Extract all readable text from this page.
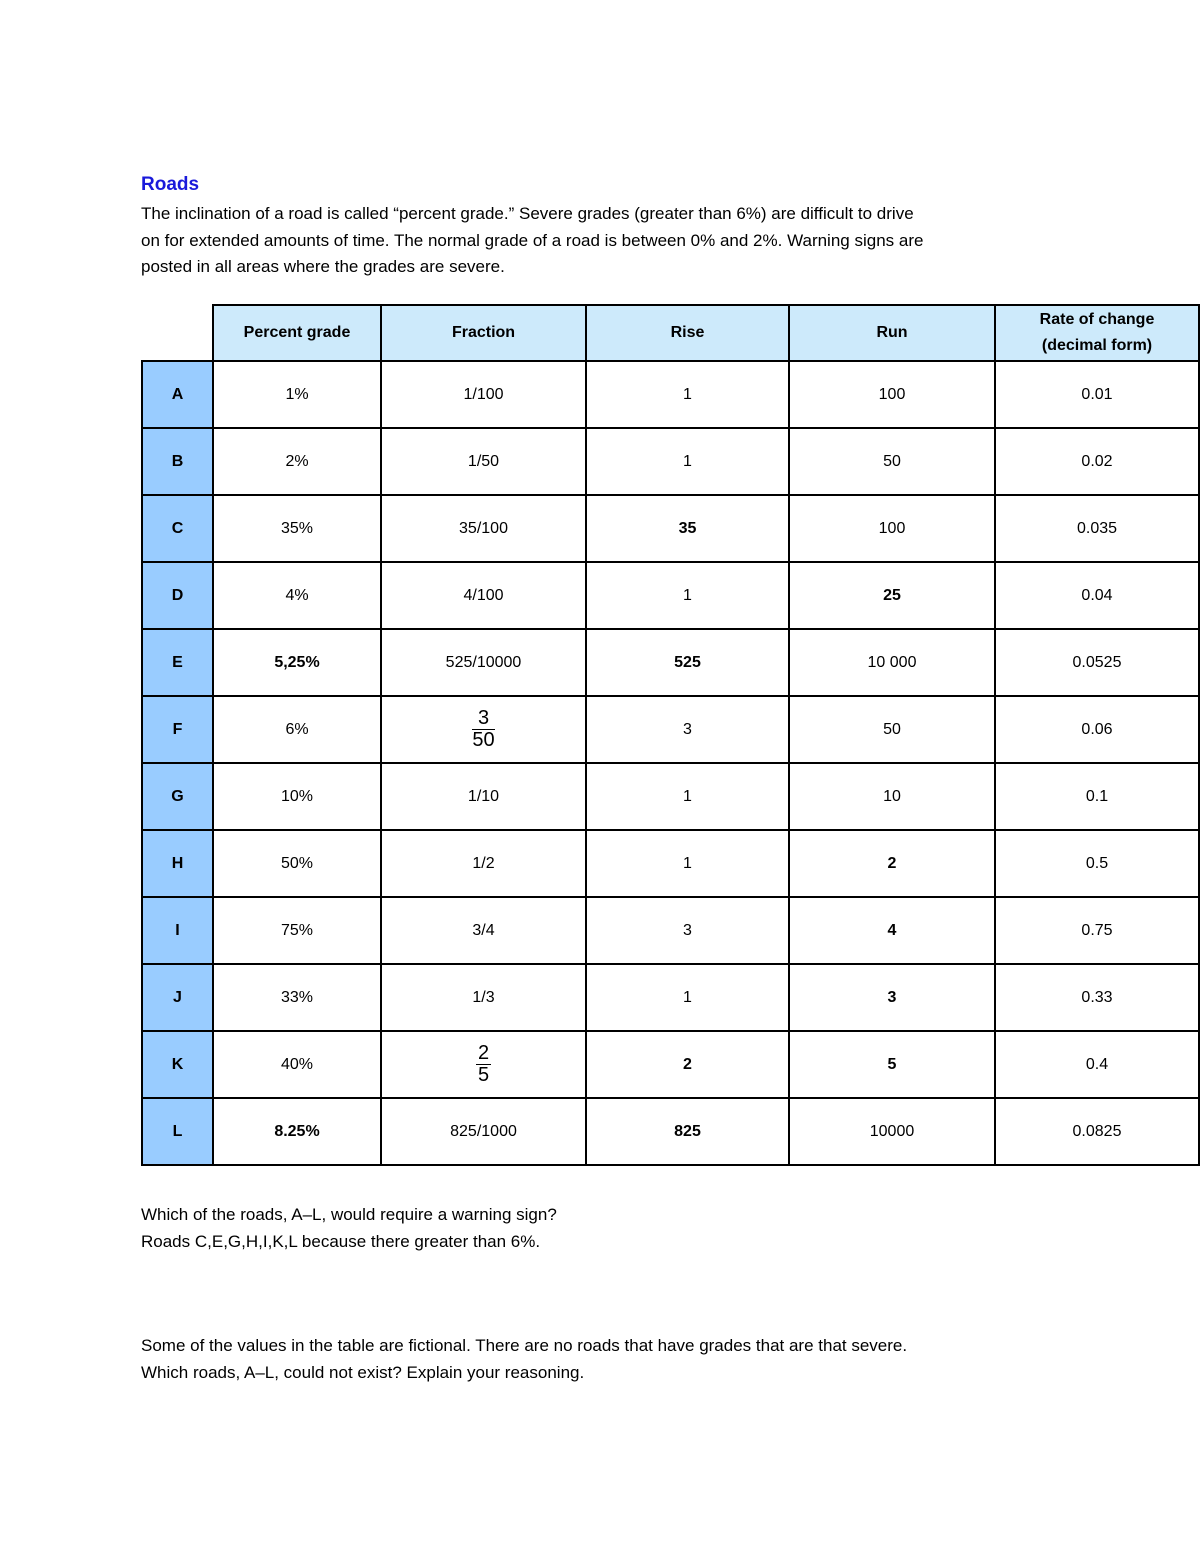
Roads

The inclination of a road is called “percent grade.” Severe grades (greater than 6%) are difficult to drive

on for extended amounts of time. The normal grade of a road is between 0% and 2%. Warning signs are

posted in all areas where the grades are severe.

	Percent grade	Fraction	Rise	Run	Rate of change
(decimal form)
A	1%	1/100	1	100	0.01
B	2%	1/50	1	50	0.02
C	35%	35/100	35	100	0.035
D	4%	4/100	1	25	0.04
E	5,25%	525/10000	525	10 000	0.0525
F	6%	$\frac{3}{50}$	3	50	0.06
G	10%	1/10	1	10	0.1
H	50%	1/2	1	2	0.5
I	75%	3/4	3	4	0.75
J	33%	1/3	1	3	0.33
K	40%	$\frac{2}{5}$	2	5	0.4
L	8.25%	825/1000	825	10000	0.0825

Which of the roads, A–L, would require a warning sign?

Roads C,E,G,H,I,K,L because there greater than 6%.

Some of the values in the table are fictional. There are no roads that have grades that are that severe.

Which roads, A–L, could not exist? Explain your reasoning.
